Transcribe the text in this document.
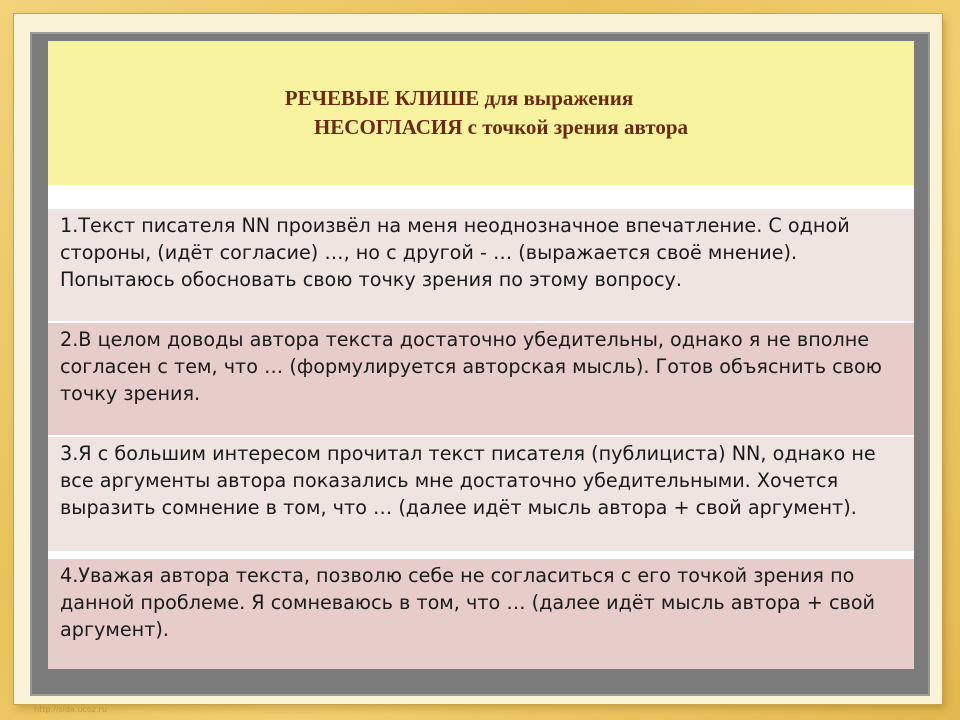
РЕЧЕВЫЕ КЛИШЕ для выражения
НЕСОГЛАСИЯ с точкой зрения автора

1.Текст писателя NN произвёл на меня неоднозначное впечатление. С одной стороны, (идёт согласие) …, но с другой - … (выражается своё мнение). Попытаюсь обосновать свою точку зрения по этому вопросу.

2.В целом доводы автора текста достаточно убедительны, однако я не вполне согласен с тем, что … (формулируется авторская мысль). Готов объяснить свою точку зрения.

3.Я с большим интересом прочитал текст писателя (публициста) NN, однако не все аргументы автора показались мне достаточно убедительными. Хочется выразить сомнение в том, что … (далее идёт мысль автора + свой аргумент).

4.Уважая автора текста, позволю себе не согласиться с его точкой зрения по данной проблеме. Я сомневаюсь в том, что … (далее идёт мысль автора + свой аргумент).

http://sida.ucoz.ru
